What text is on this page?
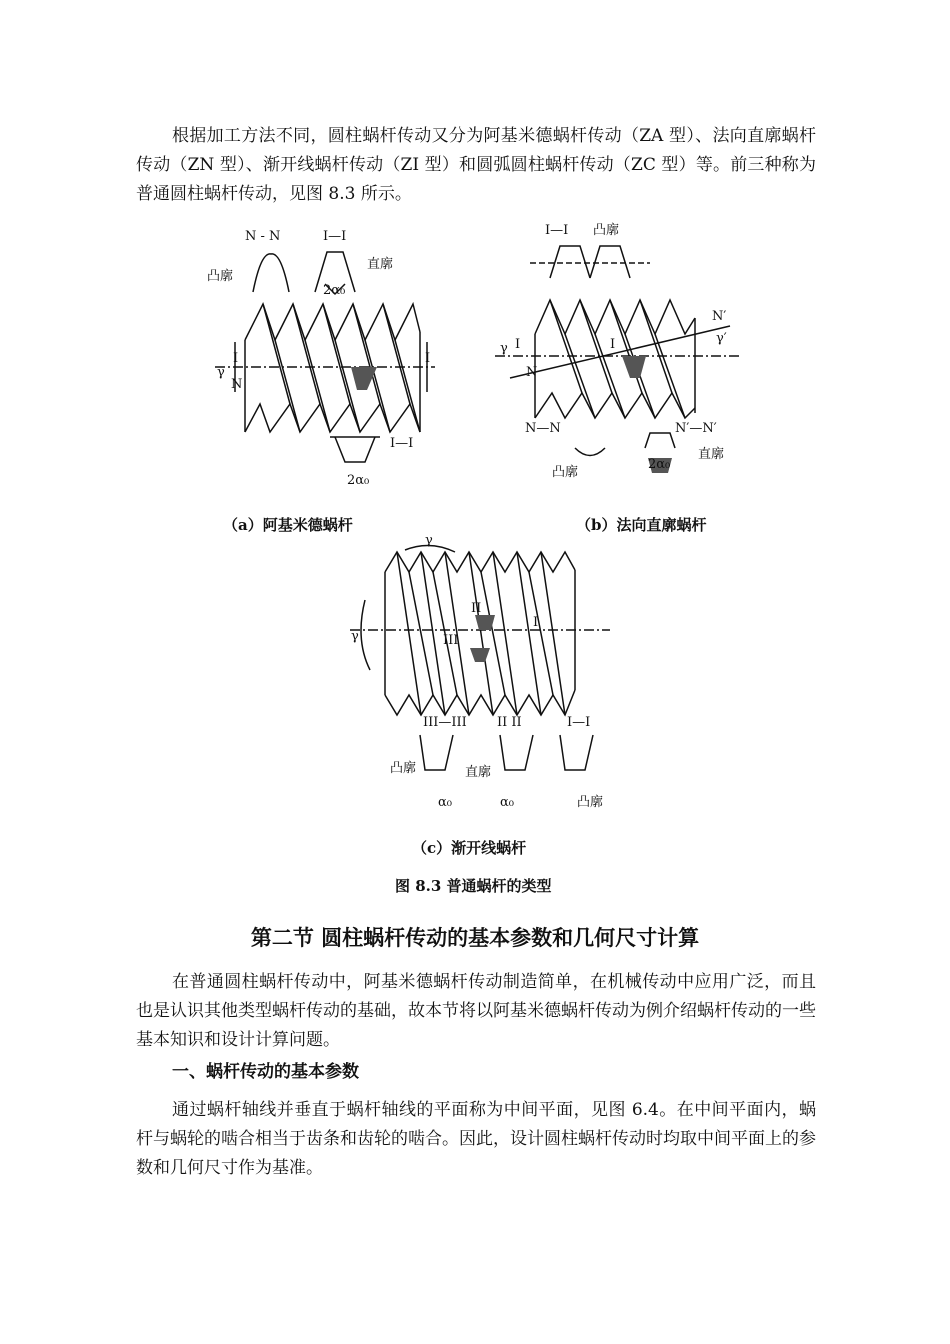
根据加工方法不同，圆柱蜗杆传动又分为阿基米德蜗杆传动（ZA 型）、法向直廓蜗杆传动（ZN 型）、渐开线蜗杆传动（ZI 型）和圆弧圆柱蜗杆传动（ZC 型）等。前三种称为普通圆柱蜗杆传动，见图 8.3 所示。

N - N	I—I
凸廓
直廓
2α₀
I	I
γ
N
I—I
2α₀
I—I 凸廓
N′
γ′
γ
N
I	I
N—N	N′—N′
凸廓
直廓
2α₀
（a）阿基米德蜗杆	（b）法向直廓蜗杆
γ
γ
II
III
I
III—III II II	I—I
凸廓	直廓
凸廓
α₀	α₀
（c）渐开线蜗杆
图 8.3 普通蜗杆的类型
第二节 圆柱蜗杆传动的基本参数和几何尺寸计算

在普通圆柱蜗杆传动中，阿基米德蜗杆传动制造简单，在机械传动中应用广泛，而且也是认识其他类型蜗杆传动的基础，故本节将以阿基米德蜗杆传动为例介绍蜗杆传动的一些基本知识和设计计算问题。

一、蜗杆传动的基本参数

通过蜗杆轴线并垂直于蜗杆轴线的平面称为中间平面，见图 6.4。在中间平面内，蜗杆与蜗轮的啮合相当于齿条和齿轮的啮合。因此，设计圆柱蜗杆传动时均取中间平面上的参数和几何尺寸作为基准。
